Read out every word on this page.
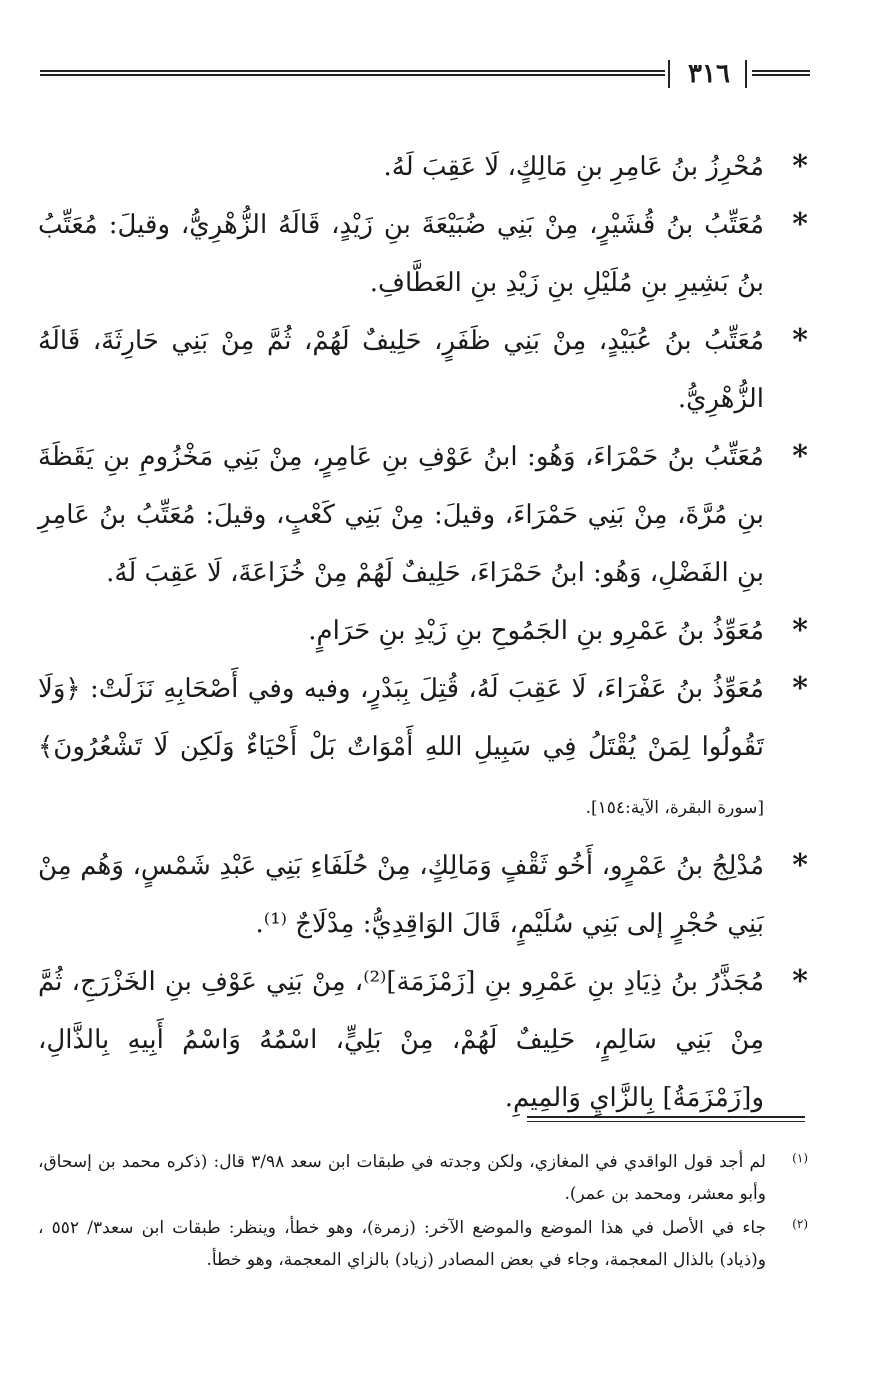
٣١٦
*
مُحْرِزُ بنُ عَامِرِ بنِ مَالِكٍ، لَا عَقِبَ لَهُ.
*
مُعَتِّبُ بنُ قُشَيْرٍ، مِنْ بَنِي ضُبَيْعَةَ بنِ زَيْدٍ، قَالَهُ الزُّهْرِيُّ، وقيلَ: مُعَتِّبُ بنُ بَشِيرِ بنِ مُلَيْلِ بنِ زَيْدِ بنِ العَطَّافِ.
*
مُعَتِّبُ بنُ عُبَيْدٍ، مِنْ بَنِي ظَفَرٍ، حَلِيفٌ لَهُمْ، ثُمَّ مِنْ بَنِي حَارِثَةَ، قَالَهُ الزُّهْرِيُّ.
*
مُعَتِّبُ بنُ حَمْرَاءَ، وَهُو: ابنُ عَوْفِ بنِ عَامِرٍ، مِنْ بَنِي مَخْزُومِ بنِ يَقَظَةَ بنِ مُرَّةَ، مِنْ بَنِي حَمْرَاءَ، وقيلَ: مِنْ بَنِي كَعْبٍ، وقيلَ: مُعَتِّبُ بنُ عَامِرِ بنِ الفَضْلِ، وَهُو: ابنُ حَمْرَاءَ، حَلِيفٌ لَهُمْ مِنْ خُزَاعَةَ، لَا عَقِبَ لَهُ.
*
مُعَوِّذُ بنُ عَمْرِو بنِ الجَمُوحِ بنِ زَيْدِ بنِ حَرَامٍ.
*
مُعَوِّذُ بنُ عَفْرَاءَ، لَا عَقِبَ لَهُ، قُتِلَ بِبَدْرٍ، وفيه وفي أَصْحَابِهِ نَزَلَتْ: ﴿وَلَا تَقُولُوا لِمَنْ يُقْتَلُ فِي سَبِيلِ اللهِ أَمْوَاتٌ بَلْ أَحْيَاءٌ وَلَكِن لَا تَشْعُرُونَ﴾ [سورة البقرة، الآية:١٥٤].
*
مُدْلِجُ بنُ عَمْرٍو، أَخُو ثَقْفٍ وَمَالِكٍ، مِنْ حُلَفَاءِ بَنِي عَبْدِ شَمْسٍ، وَهُم مِنْ بَنِي حُجْرٍ إلى بَنِي سُلَيْمٍ، قَالَ الوَاقِدِيُّ: مِدْلَاجٌ ⁽¹⁾.
*
مُجَذَّرُ بنُ ذِيَادِ بنِ عَمْرِو بنِ [زَمْزَمَة]⁽²⁾، مِنْ بَنِي عَوْفِ بنِ الخَزْرَجِ، ثُمَّ مِنْ بَنِي سَالِمٍ، حَلِيفٌ لَهُمْ، مِنْ بَلِيٍّ، اسْمُهُ وَاسْمُ أَبِيهِ بِالذَّالِ، و[زَمْزَمَةُ] بِالزَّايِ وَالمِيمِ.
(١)
لم أجد قول الواقدي في المغازي، ولكن وجدته في طبقات ابن سعد ٣/٩٨ قال: (ذكره محمد بن إسحاق، وأبو معشر، ومحمد بن عمر).
(٢)
جاء في الأصل في هذا الموضع والموضع الآخر: (زمرة)، وهو خطأ، وينظر: طبقات ابن سعد٣/ ٥٥٢ ، و(ذياد) بالذال المعجمة، وجاء في بعض المصادر (زياد) بالزاي المعجمة، وهو خطأ.
